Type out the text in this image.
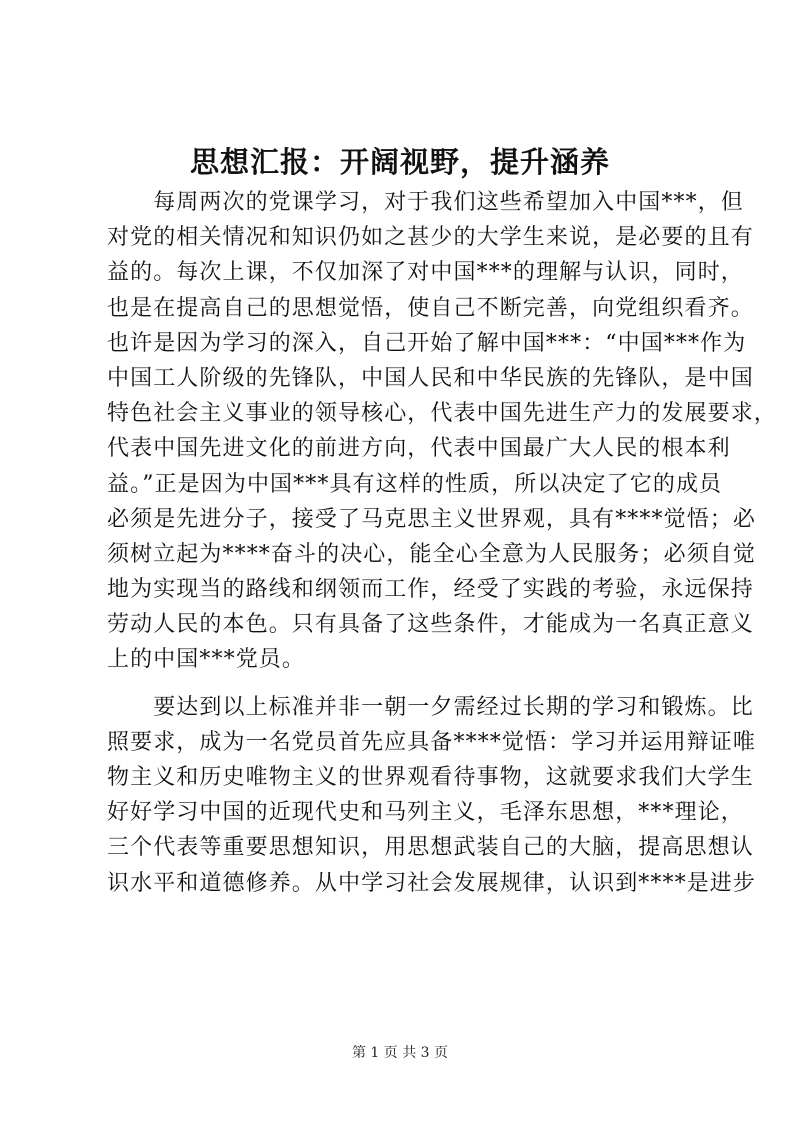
思想汇报：开阔视野，提升涵养
　　每周两次的党课学习，对于我们这些希望加入中国***，但
对党的相关情况和知识仍如之甚少的大学生来说，是必要的且有
益的。每次上课，不仅加深了对中国***的理解与认识，同时，
也是在提高自己的思想觉悟，使自己不断完善，向党组织看齐。
也许是因为学习的深入，自己开始了解中国***：“中国***作为
中国工人阶级的先锋队，中国人民和中华民族的先锋队，是中国
特色社会主义事业的领导核心，代表中国先进生产力的发展要求，
代表中国先进文化的前进方向，代表中国最广大人民的根本利
益。”正是因为中国***具有这样的性质，所以决定了它的成员
必须是先进分子，接受了马克思主义世界观，具有****觉悟；必
须树立起为****奋斗的决心，能全心全意为人民服务；必须自觉
地为实现当的路线和纲领而工作，经受了实践的考验，永远保持
劳动人民的本色。只有具备了这些条件，才能成为一名真正意义
上的中国***党员。
　　要达到以上标准并非一朝一夕需经过长期的学习和锻炼。比
照要求，成为一名党员首先应具备****觉悟：学习并运用辩证唯
物主义和历史唯物主义的世界观看待事物，这就要求我们大学生
好好学习中国的近现代史和马列主义，毛泽东思想，***理论，
三个代表等重要思想知识，用思想武装自己的大脑，提高思想认
识水平和道德修养。从中学习社会发展规律，认识到****是进步
第 1 页 共 3 页
